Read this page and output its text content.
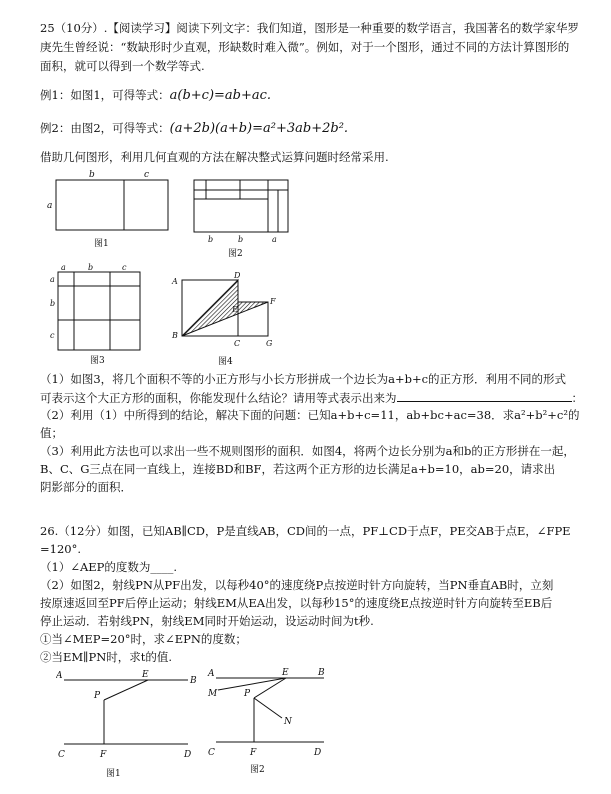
25（10分）.【阅读学习】阅读下列文字：我们知道，图形是一种重要的数学语言，我国著名的数学家华罗
庚先生曾经说：“数缺形时少直观，形缺数时难入微”。例如，对于一个图形，通过不同的方法计算图形的
面积，就可以得到一个数学等式.
例1：如图1，可得等式：a(b+c)=ab+ac.
例2：由图2，可得等式：(a+2b)(a+b)=a²+3ab+2b².
借助几何图形，利用几何直观的方法在解决整式运算问题时经常采用.
b	c
a
图1	b	b	a
图2
a	b	c
a
b
c
图3
A
D
E
F
B
C	G
图4
（1）如图3，将几个面积不等的小正方形与小长方形拼成一个边长为a+b+c的正方形．利用不同的形式
可表示这个大正方形的面积，你能发现什么结论？请用等式表示出来为	：
（2）利用（1）中所得到的结论，解决下面的问题：已知a+b+c=11，ab+bc+ac=38．求a²+b²+c²的
值；
（3）利用此方法也可以求出一些不规则图形的面积．如图4，将两个边长分别为a和b的正方形拼在一起，
B、C、G三点在同一直线上，连接BD和BF，若这两个正方形的边长满足a+b=10，ab=20，请求出
阴影部分的面积．
26.（12分）如图，已知AB∥CD，P是直线AB，CD间的一点，PF⊥CD于点F，PE交AB于点E，∠FPE
=120°.
（1）∠AEP的度数为____.
（2）如图2，射线PN从PF出发，以每秒40°的速度绕P点按逆时针方向旋转，当PN垂直AB时，立刻
按原速返回至PF后停止运动；射线EM从EA出发，以每秒15°的速度绕E点按逆时针方向旋转至EB后
停止运动．若射线PN，射线EM同时开始运动，设运动时间为t秒.
①当∠MEP=20°时，求∠EPN的度数；
②当EM∥PN时，求t的值.
A	E
B
P
C	F	D
图1
A	E	B
M	P
N
C	F	D
图2
